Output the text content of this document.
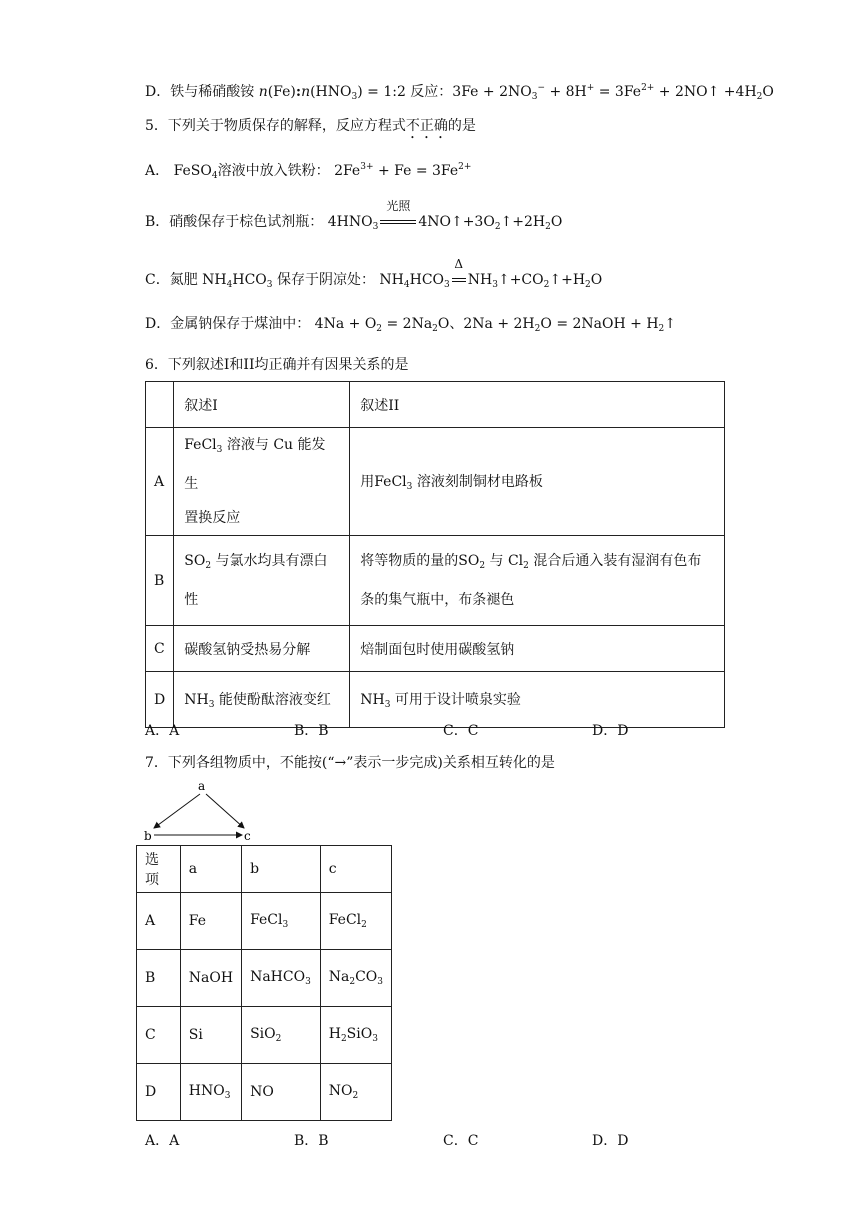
D．铁与稀硝酸铵 $n(Fe):n(HNO_3)$ = 1:2 反应：$3Fe + 2NO_3^- + 8H^+ = 3Fe^{2+}$ + 2NO↑ $+4H_2O$
5．下列关于物质保存的解释，反应方程式不正确的是
A． FeSO$_4$溶液中放入铁粉： $2Fe^{3+} + Fe = 3Fe^{2+}$
B．硝酸保存于棕色试剂瓶： $4HNO_3$
光照
$4NO↑+3O_2↑+2H_2O$
C．氮肥 $NH_4HCO_3$ 保存于阴凉处： $NH_4HCO_3$
Δ
$NH_3↑+CO_2↑+H_2O$
D．金属钠保存于煤油中： $4Na + O_2 = 2Na_2O$、$2Na + 2H_2O$ = 2NaOH + $H_2↑$
6．下列叙述I和II均正确并有因果关系的是
	叙述I	叙述II
A	FeCl$_3$ 溶液与 Cu 能发生
置换反应	用FeCl$_3$ 溶液刻制铜材电路板
B	$SO_2$ 与氯水均具有漂白
性	将等物质的量的$SO_2$ 与 $Cl_2$ 混合后通入装有湿润有色布
条的集气瓶中，布条褪色
C	碳酸氢钠受热易分解	焙制面包时使用碳酸氢钠
D	$NH_3$ 能使酚酞溶液变红	$NH_3$ 可用于设计喷泉实验
A．A	B．B	C．C	D．D
7．下列各组物质中，不能按(“→”表示一步完成)关系相互转化的是
a
b	c
选项	a	b	c
A	Fe	FeCl$_3$	FeCl$_2$
B	NaOH	NaHCO$_3$	$Na_2CO_3$
C	Si	SiO$_2$	$H_2SiO_3$
D	$HNO_3$	NO	$NO_2$
A．A	B．B	C．C	D．D
